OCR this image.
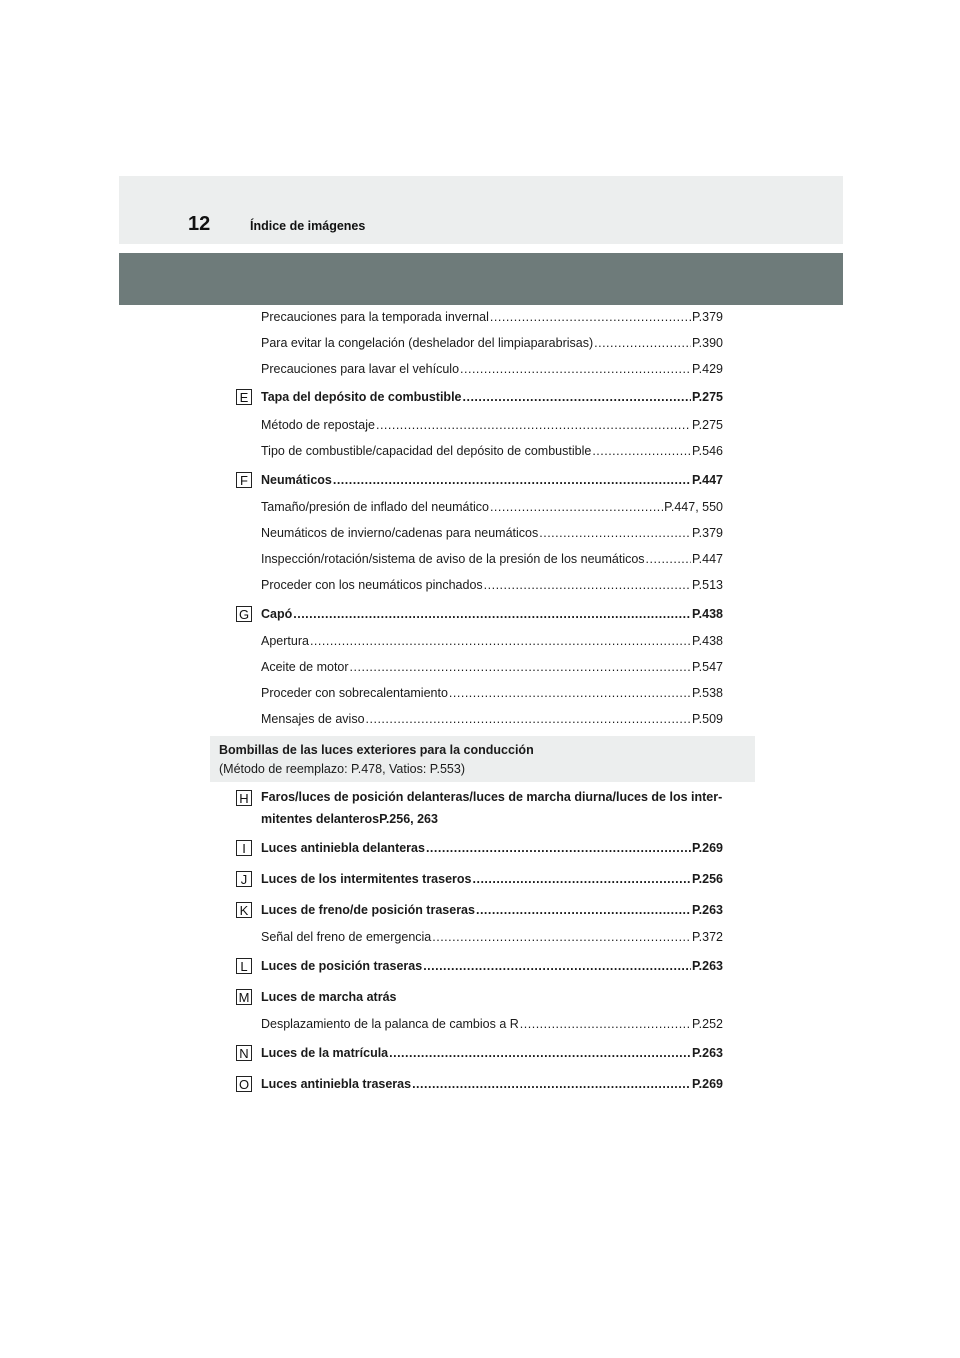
12	Índice de imágenes
Precauciones para la temporada invernal .....	P.379
Para evitar la congelación (deshelador del limpiaparabrisas) .....	P.390
Precauciones para lavar el vehículo .....	P.429
E Tapa del depósito de combustible .....	P.275
Método de repostaje .....	P.275
Tipo de combustible/capacidad del depósito de combustible .....	P.546
F	Neumáticos .....	P.447
Tamaño/presión de inflado del neumático .....	P.447, 550
Neumáticos de invierno/cadenas para neumáticos .....	P.379
Inspección/rotación/sistema de aviso de la presión de los neumáticos .....	P.447
Proceder con los neumáticos pinchados .....	P.513
G Capó .....	P.438
Apertura .....	P.438
Aceite de motor .....	P.547
Proceder con sobrecalentamiento .....	P.538
Mensajes de aviso .....	P.509
Bombillas de las luces exteriores para la conducción
(Método de reemplazo: P.478, Vatios: P.553)
H Faros/luces de posición delanteras/luces de marcha diurna/luces de los inter-
mitentes delanterosP.256, 263
I	Luces antiniebla delanteras .....	P.269
J	Luces de los intermitentes traseros .....	P.256
K Luces de freno/de posición traseras .....	P.263
Señal del freno de emergencia .....	P.372
L	Luces de posición traseras .....	P.263
M Luces de marcha atrás
Desplazamiento de la palanca de cambios a R .....	P.252
N Luces de la matrícula .....	P.263
O Luces antiniebla traseras .....	P.269
